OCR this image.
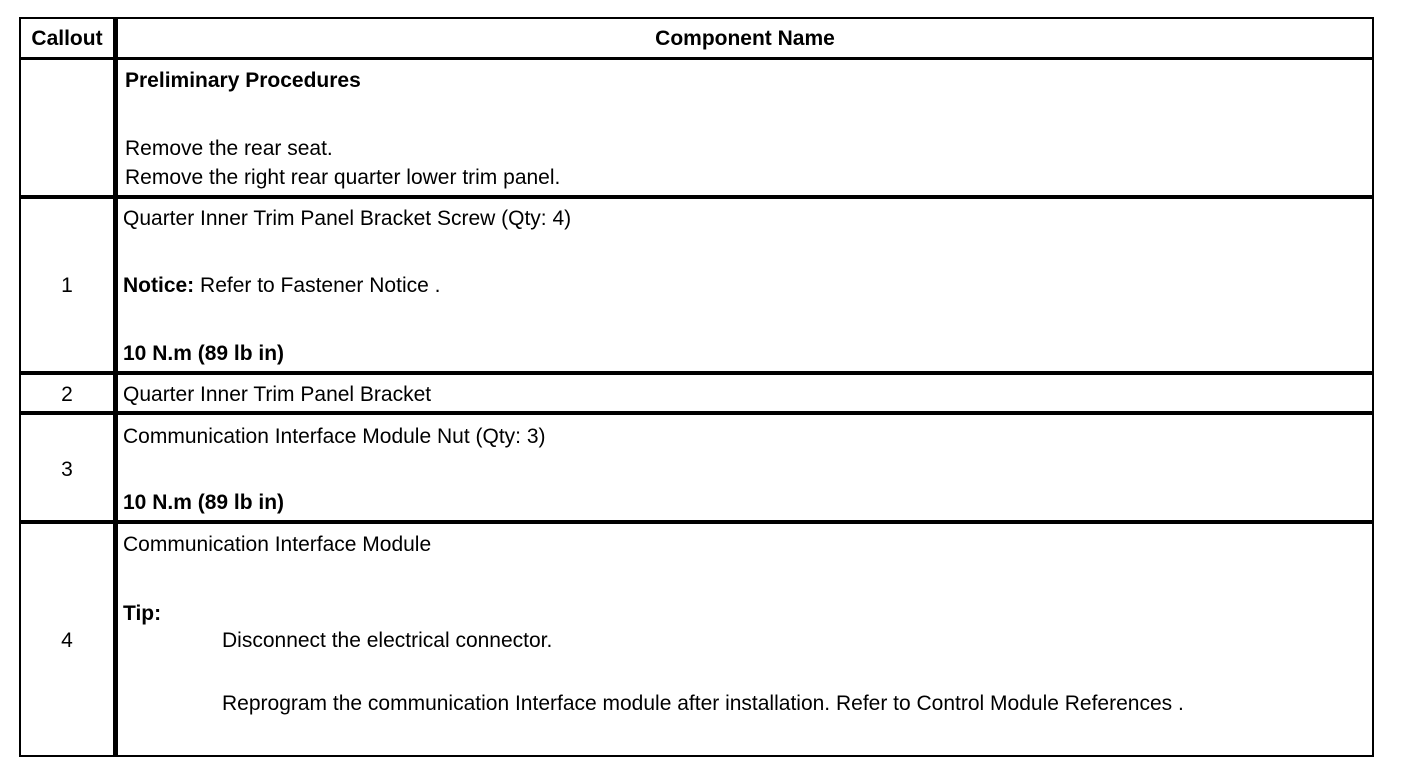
Callout	Component Name
Preliminary Procedures
Remove the rear seat.
Remove the right rear quarter lower trim panel.
1
Quarter Inner Trim Panel Bracket Screw (Qty: 4)
Notice: Refer to Fastener Notice .
10 N.m (89 lb in)
2	Quarter Inner Trim Panel Bracket
3
Communication Interface Module Nut (Qty: 3)
10 N.m (89 lb in)
4
Communication Interface Module
Tip:
Disconnect the electrical connector.
Reprogram the communication Interface module after installation. Refer to Control Module References .
